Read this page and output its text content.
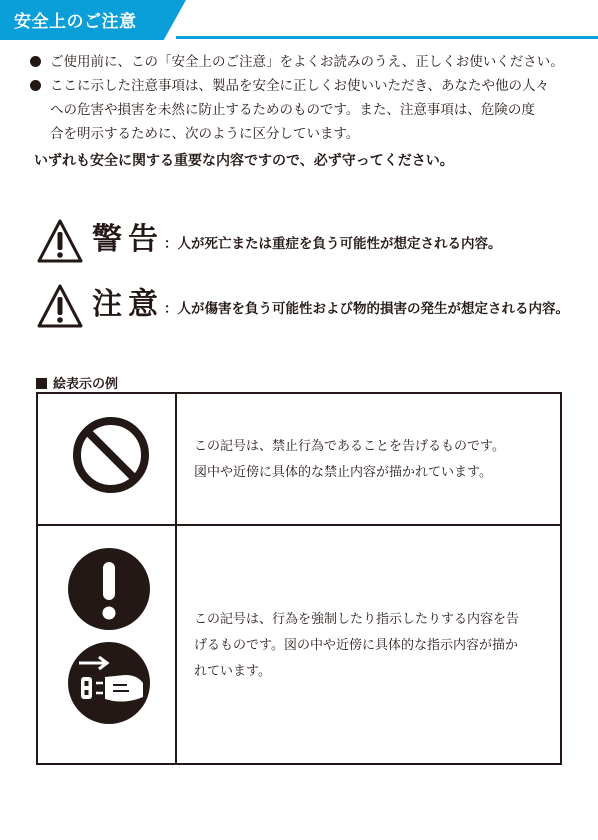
安全上のご注意
ご使用前に、この「安全上のご注意」をよくお読みのうえ、正しくお使いください。
ここに示した注意事項は、製品を安全に正しくお使いいただき、あなたや他の人々
への危害や損害を未然に防止するためのものです。また、注意事項は、危険の度
合を明示するために、次のように区分しています。
いずれも安全に関する重要な内容ですので、必ず守ってください。
警告 ：人が死亡または重症を負う可能性が想定される内容。
注意 ：人が傷害を負う可能性および物的損害の発生が想定される内容。
絵表示の例
この記号は、禁止行為であることを告げるものです。
図中や近傍に具体的な禁止内容が描かれています。
この記号は、行為を強制したり指示したりする内容を告
げるものです。図の中や近傍に具体的な指示内容が描か
れています。
